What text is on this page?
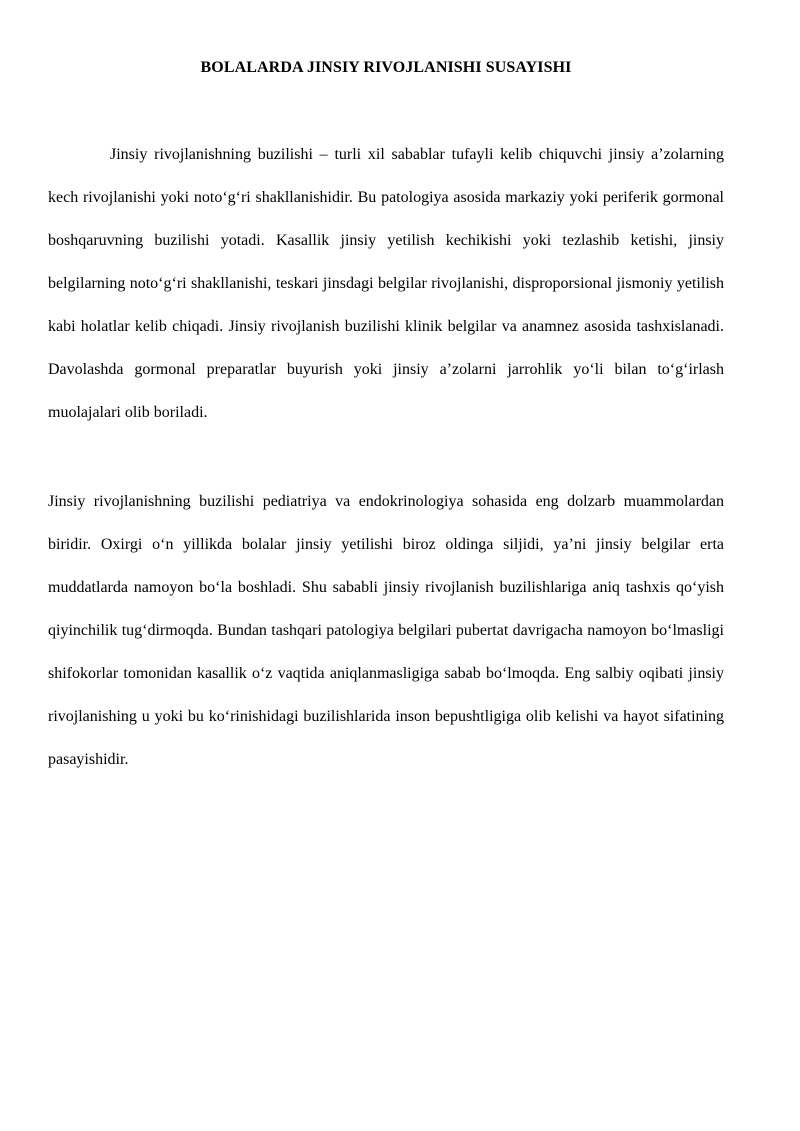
BOLALARDA JINSIY RIVOJLANISHI SUSAYISHI

Jinsiy rivojlanishning buzilishi – turli xil sabablar tufayli kelib chiquvchi jinsiy a’zolarning kech rivojlanishi yoki noto‘g‘ri shakllanishidir. Bu patologiya asosida markaziy yoki periferik gormonal boshqaruvning buzilishi yotadi. Kasallik jinsiy yetilish kechikishi yoki tezlashib ketishi, jinsiy belgilarning noto‘g‘ri shakllanishi, teskari jinsdagi belgilar rivojlanishi, disproporsional jismoniy yetilish kabi holatlar kelib chiqadi. Jinsiy rivojlanish buzilishi klinik belgilar va anamnez asosida tashxislanadi. Davolashda gormonal preparatlar buyurish yoki jinsiy a’zolarni jarrohlik yo‘li bilan to‘g‘irlash muolajalari olib boriladi.

Jinsiy rivojlanishning buzilishi pediatriya va endokrinologiya sohasida eng dolzarb muammolardan biridir. Oxirgi o‘n yillikda bolalar jinsiy yetilishi biroz oldinga siljidi, ya’ni jinsiy belgilar erta muddatlarda namoyon bo‘la boshladi. Shu sababli jinsiy rivojlanish buzilishlariga aniq tashxis qo‘yish qiyinchilik tug‘dirmoqda. Bundan tashqari patologiya belgilari pubertat davrigacha namoyon bo‘lmasligi shifokorlar tomonidan kasallik o‘z vaqtida aniqlanmasligiga sabab bo‘lmoqda. Eng salbiy oqibati jinsiy rivojlanishing u yoki bu ko‘rinishidagi buzilishlarida inson bepushtligiga olib kelishi va hayot sifatining pasayishidir.
